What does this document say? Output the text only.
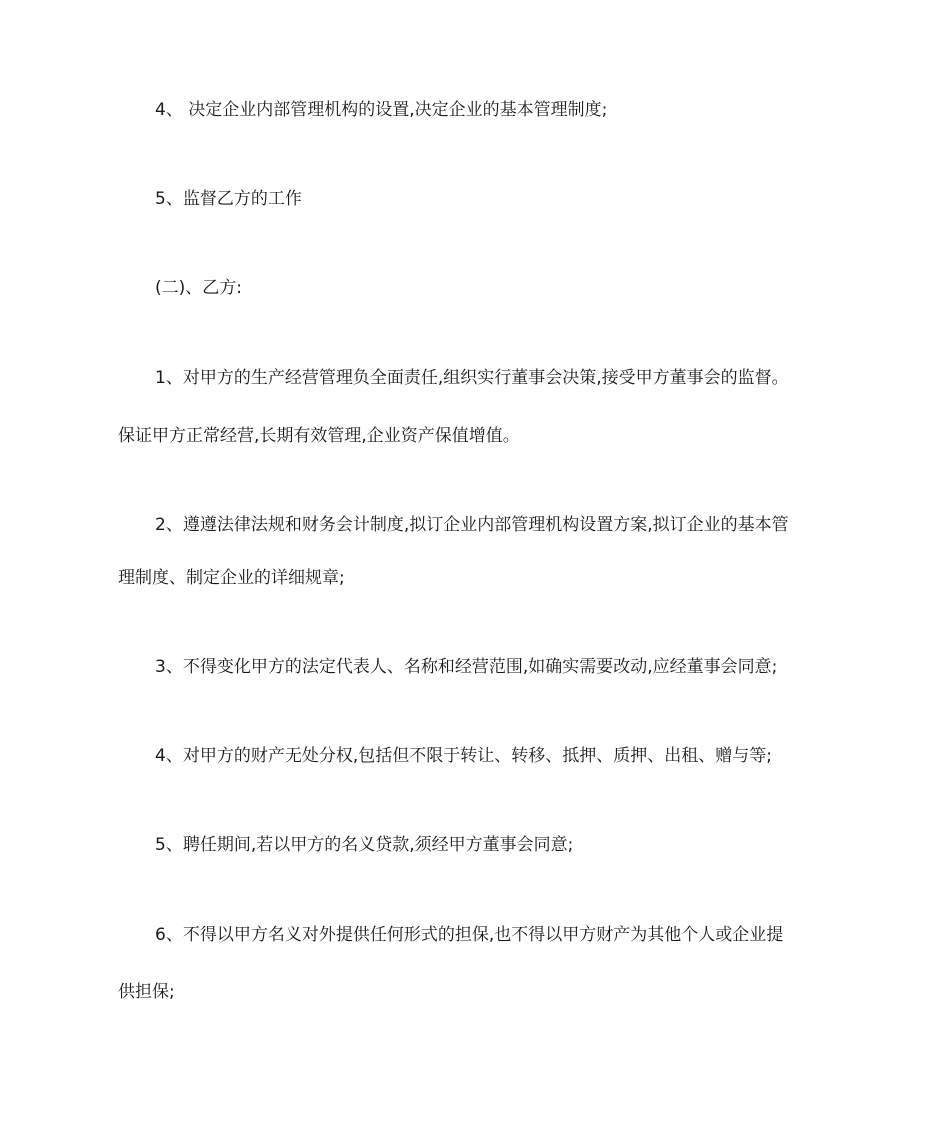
4、 决定企业内部管理机构的设置,决定企业的基本管理制度;
5、监督乙方的工作
(二)、乙方:
1、对甲方的生产经营管理负全面责任,组织实行董事会决策,接受甲方董事会的监督。
保证甲方正常经营,长期有效管理,企业资产保值增值。
2、遵遵法律法规和财务会计制度,拟订企业内部管理机构设置方案,拟订企业的基本管
理制度、制定企业的详细规章;
3、不得变化甲方的法定代表人、名称和经营范围,如确实需要改动,应经董事会同意;
4、对甲方的财产无处分权,包括但不限于转让、转移、抵押、质押、出租、赠与等;
5、聘任期间,若以甲方的名义贷款,须经甲方董事会同意;
6、不得以甲方名义对外提供任何形式的担保,也不得以甲方财产为其他个人或企业提
供担保;
